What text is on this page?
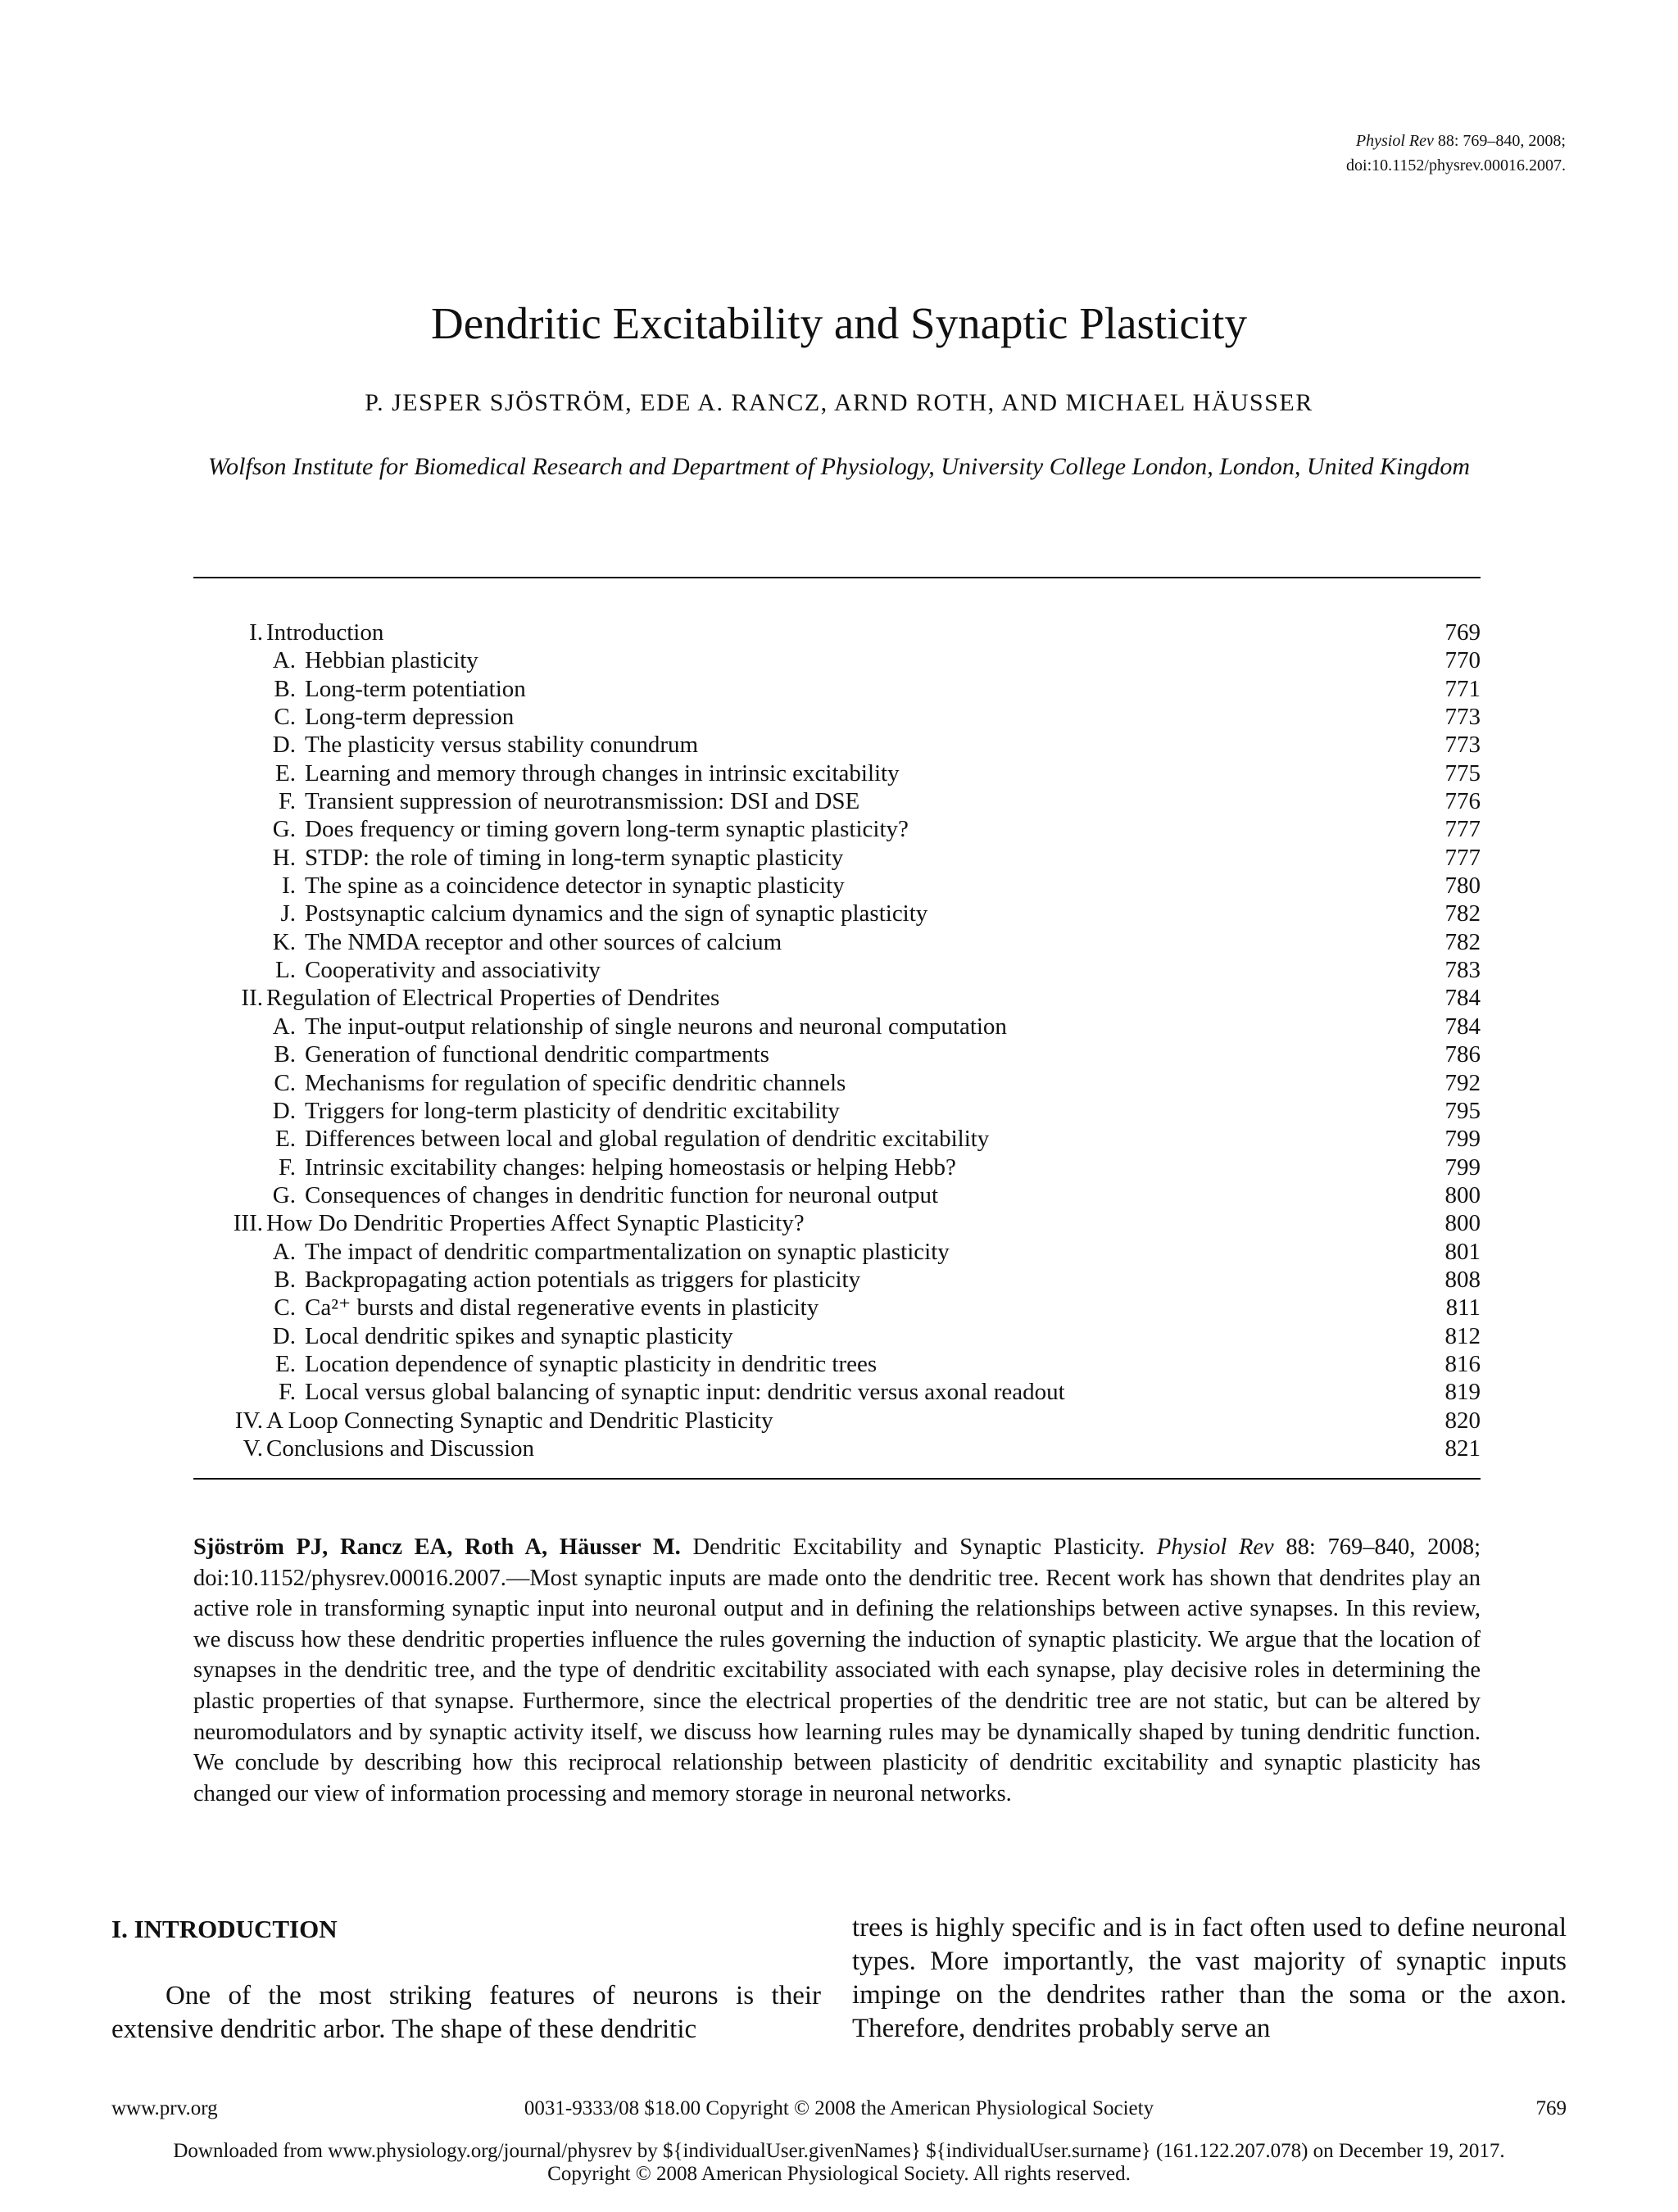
Physiol Rev 88: 769–840, 2008;
doi:10.1152/physrev.00016.2007.
Dendritic Excitability and Synaptic Plasticity
P. JESPER SJÖSTRÖM, EDE A. RANCZ, ARND ROTH, AND MICHAEL HÄUSSER
Wolfson Institute for Biomedical Research and Department of Physiology, University College London, London, United Kingdom
I. Introduction	769
A. Hebbian plasticity	770
B. Long-term potentiation	771
C. Long-term depression	773
D. The plasticity versus stability conundrum	773
E. Learning and memory through changes in intrinsic excitability	775
F. Transient suppression of neurotransmission: DSI and DSE	776
G. Does frequency or timing govern long-term synaptic plasticity?	777
H. STDP: the role of timing in long-term synaptic plasticity	777
I. The spine as a coincidence detector in synaptic plasticity	780
J. Postsynaptic calcium dynamics and the sign of synaptic plasticity	782
K. The NMDA receptor and other sources of calcium	782
L. Cooperativity and associativity	783
II. Regulation of Electrical Properties of Dendrites	784
A. The input-output relationship of single neurons and neuronal computation	784
B. Generation of functional dendritic compartments	786
C. Mechanisms for regulation of specific dendritic channels	792
D. Triggers for long-term plasticity of dendritic excitability	795
E. Differences between local and global regulation of dendritic excitability	799
F. Intrinsic excitability changes: helping homeostasis or helping Hebb?	799
G. Consequences of changes in dendritic function for neuronal output	800
III. How Do Dendritic Properties Affect Synaptic Plasticity?	800
A. The impact of dendritic compartmentalization on synaptic plasticity	801
B. Backpropagating action potentials as triggers for plasticity	808
C. Ca²⁺ bursts and distal regenerative events in plasticity	811
D. Local dendritic spikes and synaptic plasticity	812
E. Location dependence of synaptic plasticity in dendritic trees	816
F. Local versus global balancing of synaptic input: dendritic versus axonal readout	819
IV. A Loop Connecting Synaptic and Dendritic Plasticity	820
V. Conclusions and Discussion	821

Sjöström PJ, Rancz EA, Roth A, Häusser M. Dendritic Excitability and Synaptic Plasticity. Physiol Rev 88: 769–840, 2008; doi:10.1152/physrev.00016.2007.—Most synaptic inputs are made onto the dendritic tree. Recent work has shown that dendrites play an active role in transforming synaptic input into neuronal output and in defining the relationships between active synapses. In this review, we discuss how these dendritic properties influence the rules governing the induction of synaptic plasticity. We argue that the location of synapses in the dendritic tree, and the type of dendritic excitability associated with each synapse, play decisive roles in determining the plastic properties of that synapse. Furthermore, since the electrical properties of the dendritic tree are not static, but can be altered by neuromodulators and by synaptic activity itself, we discuss how learning rules may be dynamically shaped by tuning dendritic function. We conclude by describing how this reciprocal relationship between plasticity of dendritic excitability and synaptic plasticity has changed our view of information processing and memory storage in neuronal networks.

I. INTRODUCTION

One of the most striking features of neurons is their extensive dendritic arbor. The shape of these dendritic

trees is highly specific and is in fact often used to define neuronal types. More importantly, the vast majority of synaptic inputs impinge on the dendrites rather than the soma or the axon. Therefore, dendrites probably serve an

www.prv.org	0031-9333/08 $18.00 Copyright © 2008 the American Physiological Society	769
Downloaded from www.physiology.org/journal/physrev by ${individualUser.givenNames} ${individualUser.surname} (161.122.207.078) on December 19, 2017.
Copyright © 2008 American Physiological Society. All rights reserved.
